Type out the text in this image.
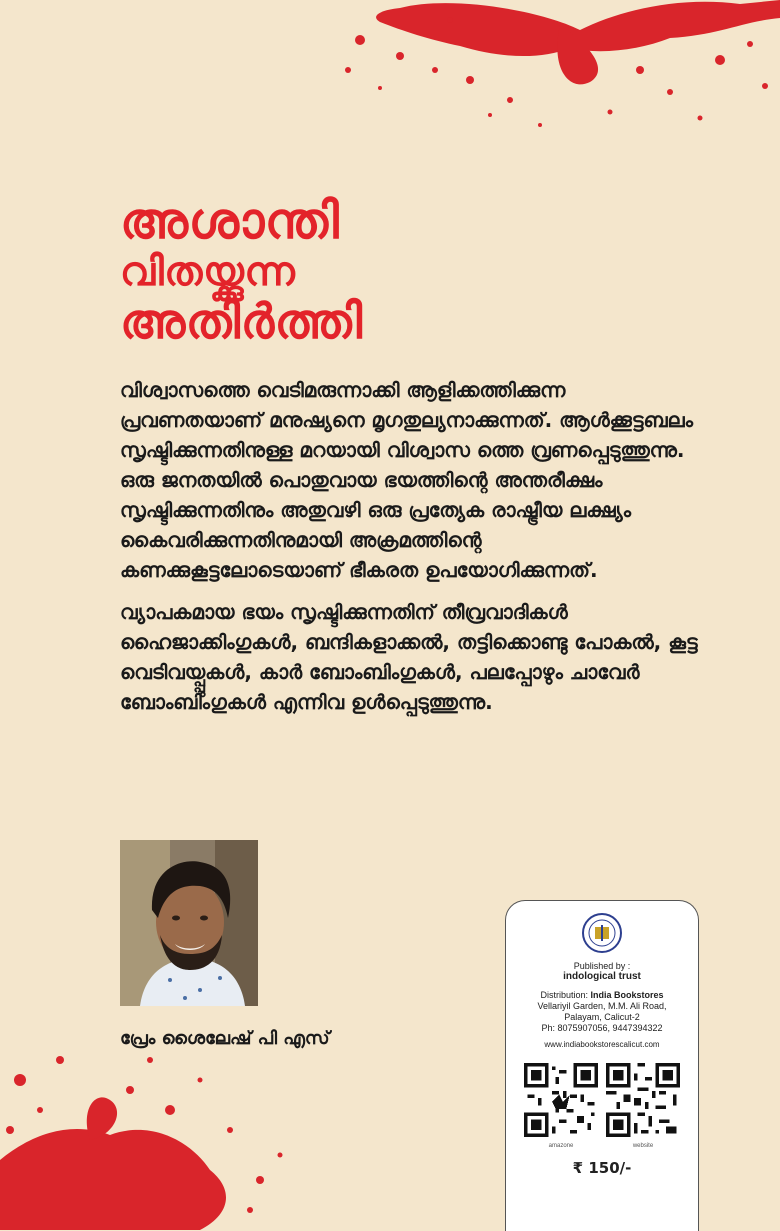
അശാന്തി
വിതയ്ക്കുന്ന
അതിർത്തി

വിശ്വാസത്തെ വെടിമരുന്നാക്കി ആളിക്കത്തിക്കുന്ന പ്രവണതയാണ് മനുഷ്യനെ മൃഗതുല്യനാക്കുന്നത്. ആൾക്കൂട്ടബലം സൃഷ്ടിക്കുന്നതിനുള്ള മറയായി വിശ്വാസ ത്തെ വ്രണപ്പെടുത്തുന്നു. ഒരു ജനതയിൽ പൊതുവായ ഭയത്തിന്റെ അന്തരീക്ഷം സൃഷ്ടിക്കുന്നതിനും അതുവഴി ഒരു പ്രത്യേക രാഷ്ട്രീയ ലക്ഷ്യം കൈവരിക്കുന്നതിനുമായി അക്രമത്തിന്റെ കണക്കുകൂട്ടലോടെയാണ് ഭീകരത ഉപയോഗിക്കുന്നത്.

വ്യാപകമായ ഭയം സൃഷ്ടിക്കുന്നതിന് തീവ്രവാദികൾ ഹൈജാക്കിംഗുകൾ, ബന്ദികളാക്കൽ, തട്ടിക്കൊണ്ടു പോകൽ, കൂട്ട വെടിവയ്പ്പുകൾ, കാർ ബോംബിംഗുകൾ, പലപ്പോഴും ചാവേർ ബോംബിംഗുകൾ എന്നിവ ഉൾപ്പെടുത്തുന്നു.

പ്രേം ശൈലേഷ് പി എസ്
Published by :
indological trust
Distribution: India Bookstores
Vellariyil Garden, M.M. Ali Road,
Palayam, Calicut-2
Ph: 8075907056, 9447394322
www.indiabookstorescalicut.com
amazone	website
₹ 150/-
